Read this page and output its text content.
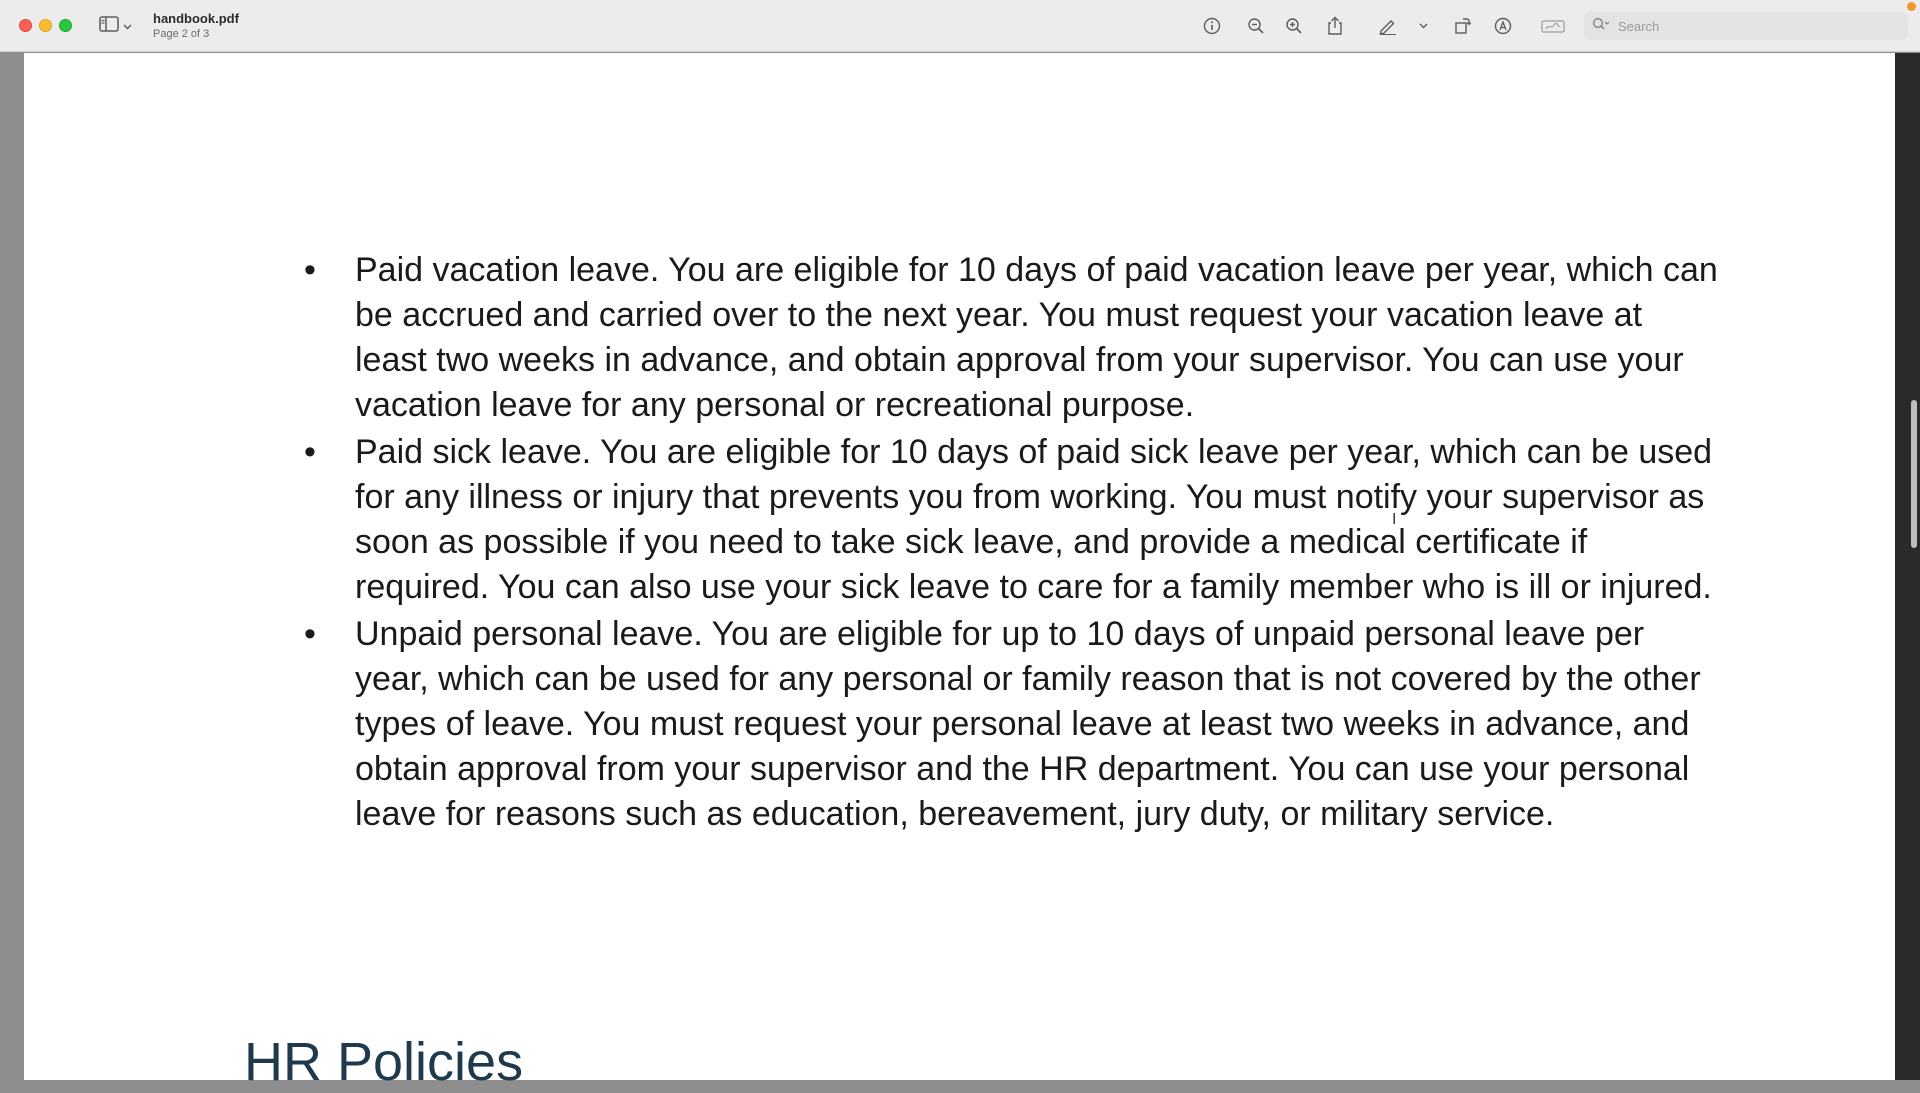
handbook.pdf
Page 2 of 3
Search
• Paid vacation leave. You are eligible for 10 days of paid vacation leave per year, which can be accrued and carried over to the next year. You must request your vacation leave at least two weeks in advance, and obtain approval from your supervisor. You can use your vacation leave for any personal or recreational purpose.
• Paid sick leave. You are eligible for 10 days of paid sick leave per year, which can be used for any illness or injury that prevents you from working. You must notify your supervisor as soon as possible if you need to take sick leave, and provide a medical certificate if required. You can also use your sick leave to care for a family member who is ill or injured.
• Unpaid personal leave. You are eligible for up to 10 days of unpaid personal leave per year, which can be used for any personal or family reason that is not covered by the other types of leave. You must request your personal leave at least two weeks in advance, and obtain approval from your supervisor and the HR department. You can use your personal leave for reasons such as education, bereavement, jury duty, or military service.
HR Policies
I
